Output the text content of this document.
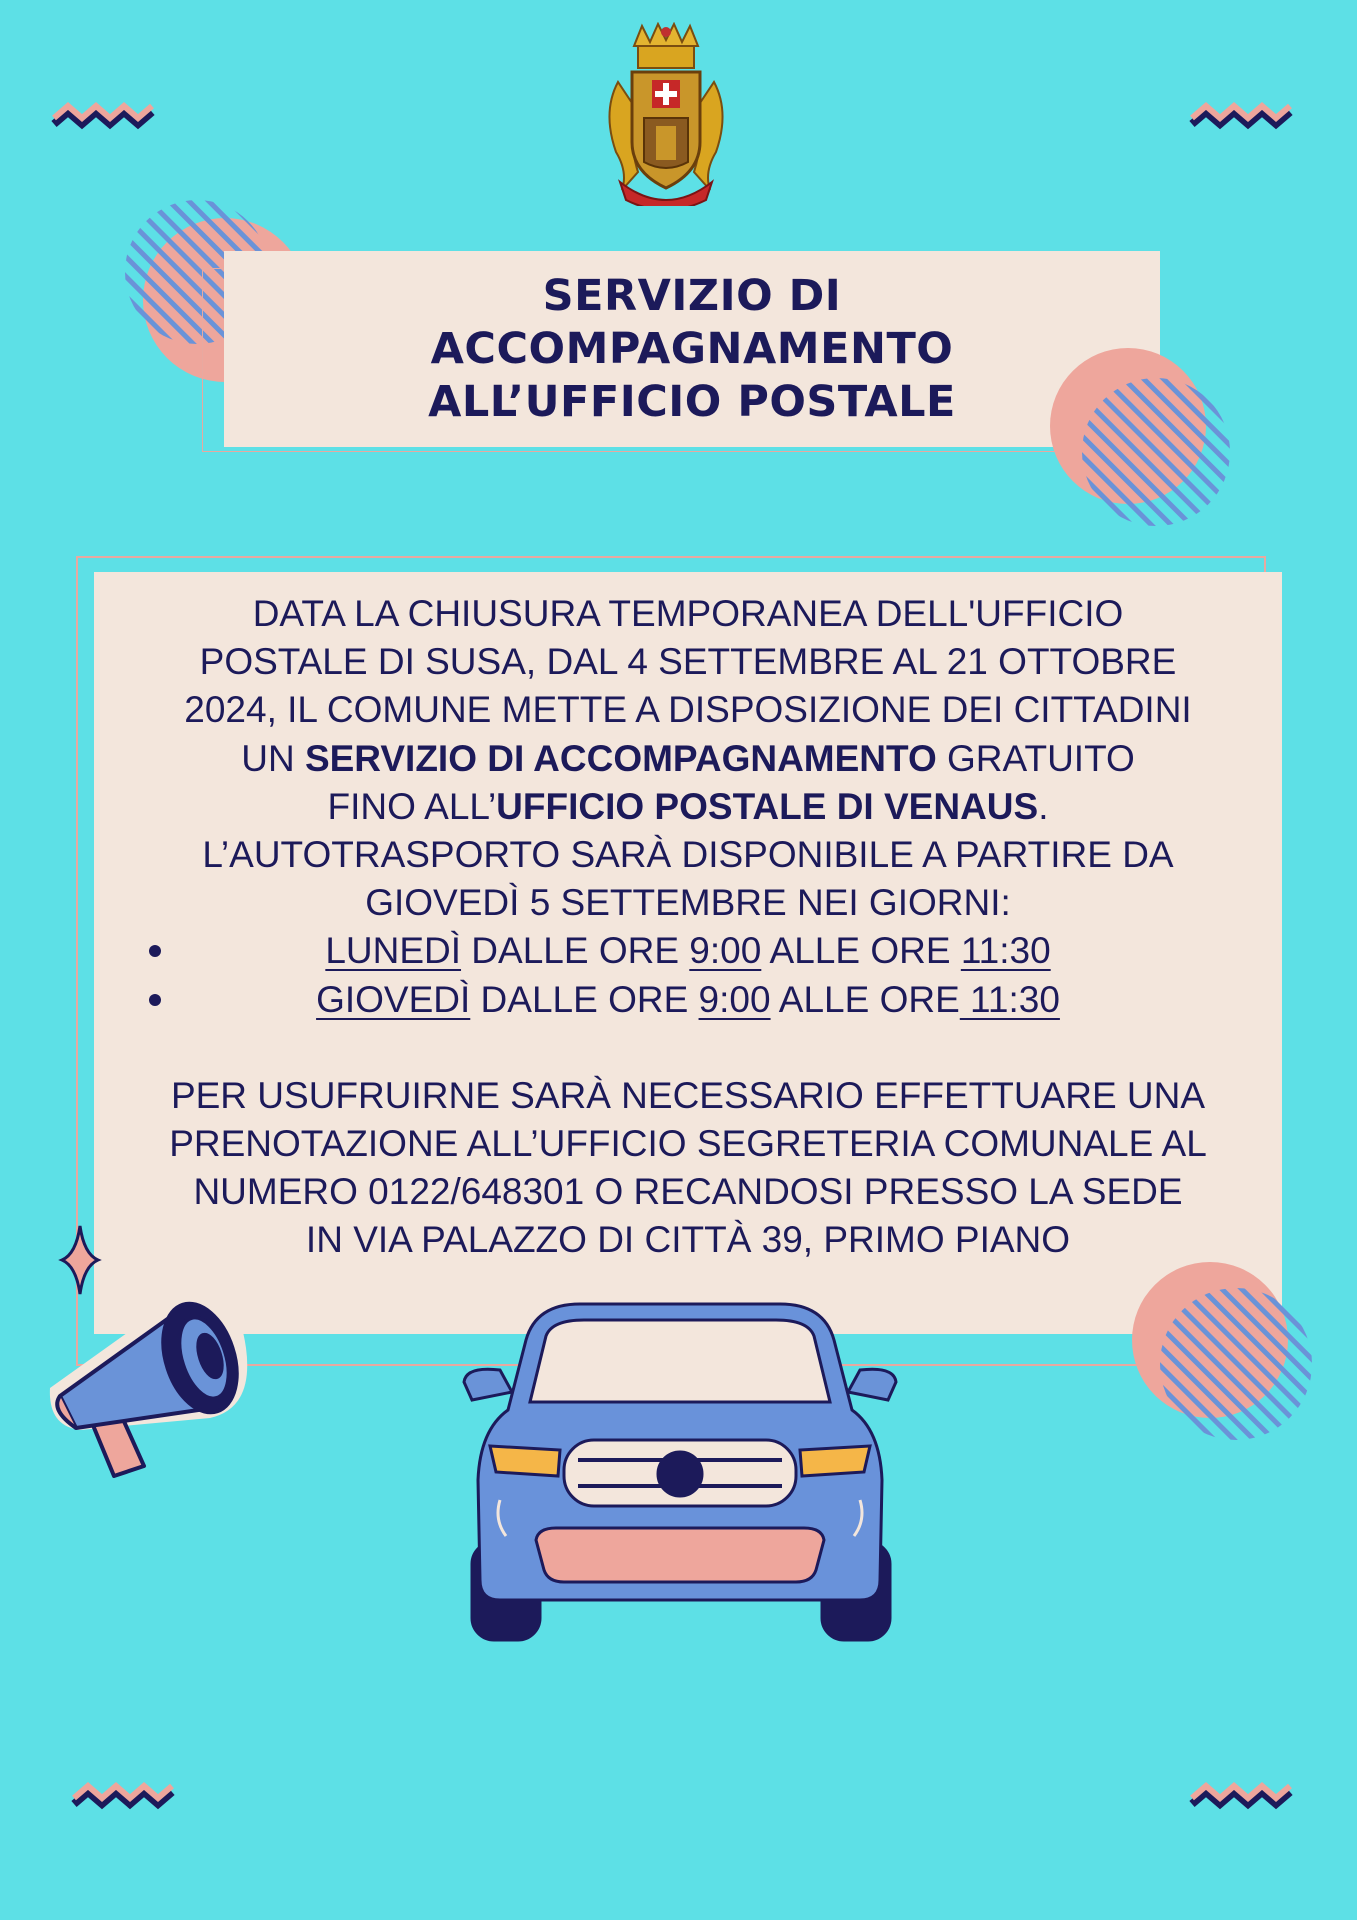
SERVIZIO DI
ACCOMPAGNAMENTO
ALL’UFFICIO POSTALE
DATA LA CHIUSURA TEMPORANEA DELL'UFFICIO
POSTALE DI SUSA, DAL 4 SETTEMBRE AL 21 OTTOBRE
2024, IL COMUNE METTE A DISPOSIZIONE DEI CITTADINI
UN SERVIZIO DI ACCOMPAGNAMENTO GRATUITO
FINO ALL’UFFICIO POSTALE DI VENAUS.
L’AUTOTRASPORTO SARÀ DISPONIBILE A PARTIRE DA
GIOVEDÌ 5 SETTEMBRE NEI GIORNI:
LUNEDÌ DALLE ORE 9:00 ALLE ORE 11:30
GIOVEDÌ DALLE ORE 9:00 ALLE ORE 11:30
PER USUFRUIRNE SARÀ NECESSARIO EFFETTUARE UNA
PRENOTAZIONE ALL’UFFICIO SEGRETERIA COMUNALE AL
NUMERO 0122/648301 O RECANDOSI PRESSO LA SEDE
IN VIA PALAZZO DI CITTÀ 39, PRIMO PIANO
